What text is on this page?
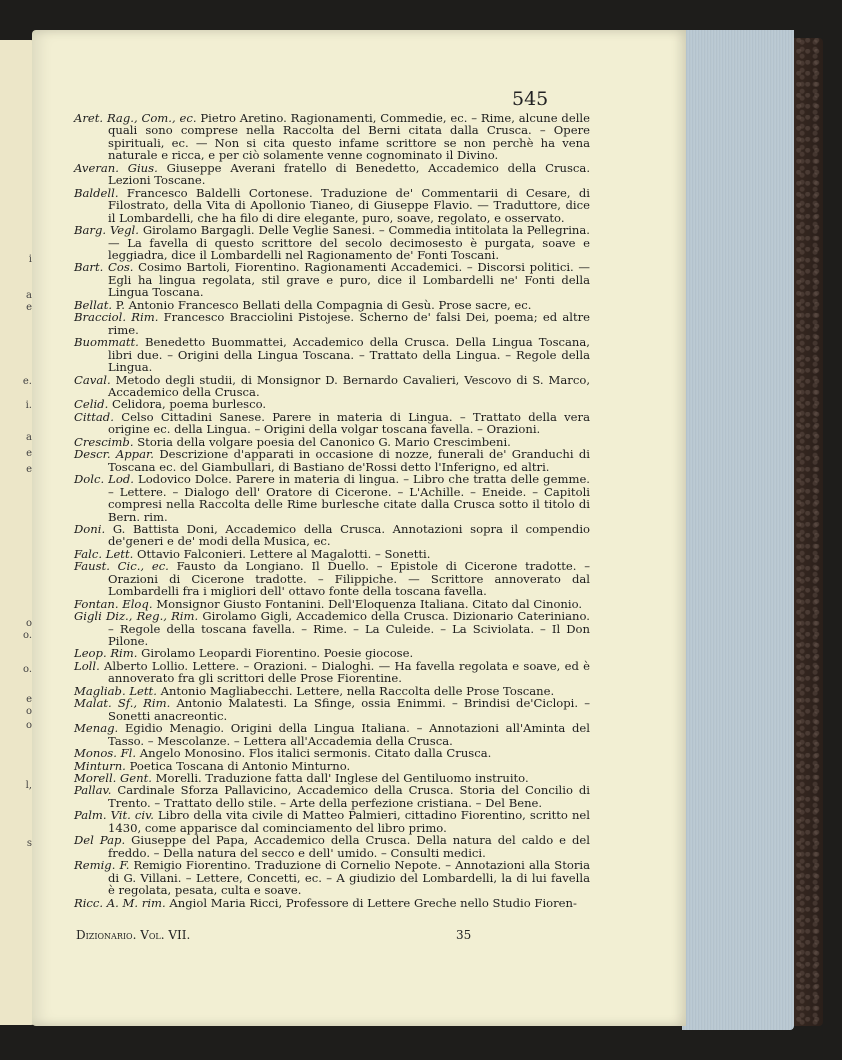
i
a
e
e.
i.
a
e
e
o
o.
o.
e
o
o
l,
s
545

Aret. Rag., Com., ec. Pietro Aretino. Ragionamenti, Commedie, ec. – Rime, alcune delle quali sono comprese nella Raccolta del Berni citata dalla Crusca. – Opere spirituali, ec. — Non si cita questo infame scrittore se non perchè ha vena naturale e ricca, e per ciò solamente venne cognominato il Divino.

Averan. Gius. Giuseppe Averani fratello di Benedetto, Accademico della Crusca. Lezioni Toscane.

Baldell. Francesco Baldelli Cortonese. Traduzione de' Commentarii di Cesare, di Filostrato, della Vita di Apollonio Tianeo, di Giuseppe Flavio. — Traduttore, dice il Lombardelli, che ha filo di dire elegante, puro, soave, regolato, e osservato.

Barg. Vegl. Girolamo Bargagli. Delle Veglie Sanesi. – Commedia intitolata la Pellegrina. — La favella di questo scrittore del secolo decimosesto è purgata, soave e leggiadra, dice il Lombardelli nel Ragionamento de' Fonti Toscani.

Bart. Cos. Cosimo Bartoli, Fiorentino. Ragionamenti Accademici. – Discorsi politici. — Egli ha lingua regolata, stil grave e puro, dice il Lombardelli ne' Fonti della Lingua Toscana.

Bellat. P. Antonio Francesco Bellati della Compagnia di Gesù. Prose sacre, ec.

Bracciol. Rim. Francesco Bracciolini Pistojese. Scherno de' falsi Dei, poema; ed altre rime.

Buommatt. Benedetto Buommattei, Accademico della Crusca. Della Lingua Toscana, libri due. – Origini della Lingua Toscana. – Trattato della Lingua. – Regole della Lingua.

Caval. Metodo degli studii, di Monsignor D. Bernardo Cavalieri, Vescovo di S. Marco, Accademico della Crusca.

Celid. Celidora, poema burlesco.

Cittad. Celso Cittadini Sanese. Parere in materia di Lingua. – Trattato della vera origine ec. della Lingua. – Origini della volgar toscana favella. – Orazioni.

Crescimb. Storia della volgare poesia del Canonico G. Mario Crescimbeni.

Descr. Appar. Descrizione d'apparati in occasione di nozze, funerali de' Granduchi di Toscana ec. del Giambullari, di Bastiano de'Rossi detto l'Inferigno, ed altri.

Dolc. Lod. Lodovico Dolce. Parere in materia di lingua. – Libro che tratta delle gemme. – Lettere. – Dialogo dell' Oratore di Cicerone. – L'Achille. – Eneide. – Capitoli compresi nella Raccolta delle Rime burlesche citate dalla Crusca sotto il titolo di Bern. rim.

Doni. G. Battista Doni, Accademico della Crusca. Annotazioni sopra il compendio de'generi e de' modi della Musica, ec.

Falc. Lett. Ottavio Falconieri. Lettere al Magalotti. – Sonetti.

Faust. Cic., ec. Fausto da Longiano. Il Duello. – Epistole di Cicerone tradotte. – Orazioni di Cicerone tradotte. – Filippiche. — Scrittore annoverato dal Lombardelli fra i migliori dell' ottavo fonte della toscana favella.

Fontan. Eloq. Monsignor Giusto Fontanini. Dell'Eloquenza Italiana. Citato dal Cinonio.

Gigli Diz., Reg., Rim. Girolamo Gigli, Accademico della Crusca. Dizionario Cateriniano. – Regole della toscana favella. – Rime. – La Culeide. – La Sciviolata. – Il Don Pilone.

Leop. Rim. Girolamo Leopardi Fiorentino. Poesie giocose.

Loll. Alberto Lollio. Lettere. – Orazioni. – Dialoghi. — Ha favella regolata e soave, ed è annoverato fra gli scrittori delle Prose Fiorentine.

Magliab. Lett. Antonio Magliabecchi. Lettere, nella Raccolta delle Prose Toscane.

Malat. Sf., Rim. Antonio Malatesti. La Sfinge, ossia Enimmi. – Brindisi de'Ciclopi. – Sonetti anacreontic.

Menag. Egidio Menagio. Origini della Lingua Italiana. – Annotazioni all'Aminta del Tasso. – Mescolanze. – Lettera all'Accademia della Crusca.

Monos. Fl. Angelo Monosino. Flos italici sermonis. Citato dalla Crusca.

Minturn. Poetica Toscana di Antonio Minturno.

Morell. Gent. Morelli. Traduzione fatta dall' Inglese del Gentiluomo instruito.

Pallav. Cardinale Sforza Pallavicino, Accademico della Crusca. Storia del Concilio di Trento. – Trattato dello stile. – Arte della perfezione cristiana. – Del Bene.

Palm. Vit. civ. Libro della vita civile di Matteo Palmieri, cittadino Fiorentino, scritto nel 1430, come apparisce dal cominciamento del libro primo.

Del Pap. Giuseppe del Papa, Accademico della Crusca. Della natura del caldo e del freddo. – Della natura del secco e dell' umido. – Consulti medici.

Remig. F. Remigio Fiorentino. Traduzione di Cornelio Nepote. – Annotazioni alla Storia di G. Villani. – Lettere, Concetti, ec. – A giudizio del Lombardelli, la di lui favella è regolata, pesata, culta e soave.

Ricc. A. M. rim. Angiol Maria Ricci, Professore di Lettere Greche nello Studio Fioren-

Dizionario. Vol. VII.	35
